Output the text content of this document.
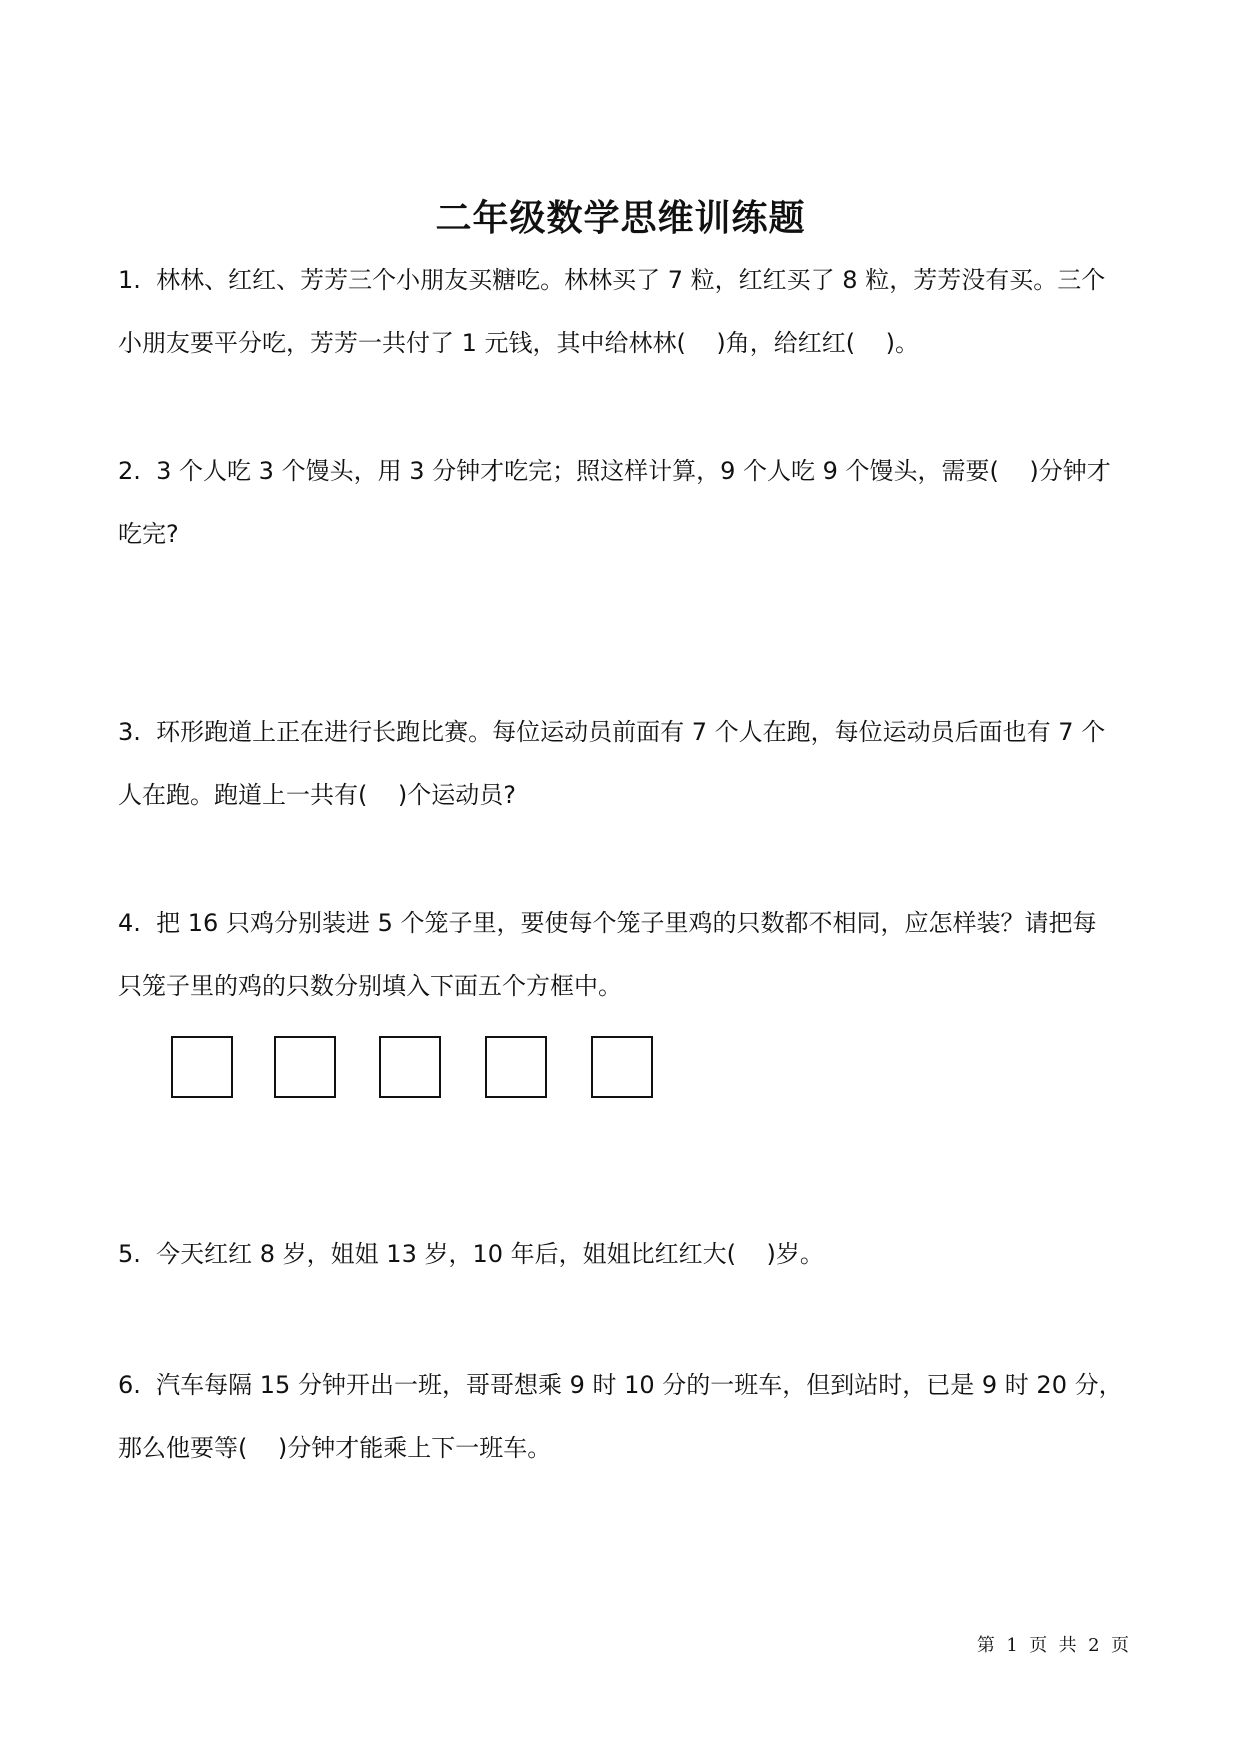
二年级数学思维训练题
1.  林林、红红、芳芳三个小朋友买糖吃。林林买了 7 粒，红红买了 8 粒，芳芳没有买。三个
小朋友要平分吃，芳芳一共付了 1 元钱，其中给林林(    )角，给红红(    )。
2.  3 个人吃 3 个馒头，用 3 分钟才吃完；照这样计算，9 个人吃 9 个馒头，需要(    )分钟才
吃完?
3.  环形跑道上正在进行长跑比赛。每位运动员前面有 7 个人在跑，每位运动员后面也有 7 个
人在跑。跑道上一共有(    )个运动员?
4.  把 16 只鸡分别装进 5 个笼子里，要使每个笼子里鸡的只数都不相同，应怎样装？请把每
只笼子里的鸡的只数分别填入下面五个方框中。
5.  今天红红 8 岁，姐姐 13 岁，10 年后，姐姐比红红大(    )岁。
6.  汽车每隔 15 分钟开出一班，哥哥想乘 9 时 10 分的一班车，但到站时，已是 9 时 20 分，
那么他要等(    )分钟才能乘上下一班车。
第  1  页  共  2  页
